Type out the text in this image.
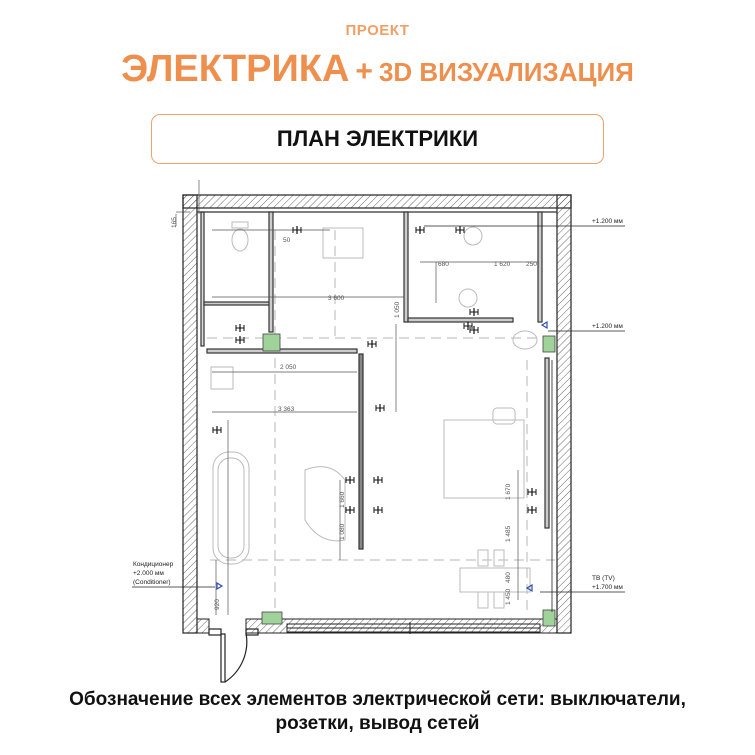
ПРОЕКТ
ЭЛЕКТРИКА + 3D ВИЗУАЛИЗАЦИЯ
ПЛАН ЭЛЕКТРИКИ
165
50
680	1 620 250
3 600
1 050
2 050
3 363
1 660
1 080
1 670
1 485
1 450
480
920
+1.200 мм
+1.200 мм
Кондиционер
+2.000 мм
(Conditioner)
ТВ (TV)
+1.700 мм
Обозначение всех элементов электрической сети: выключатели,
розетки, вывод сетей
